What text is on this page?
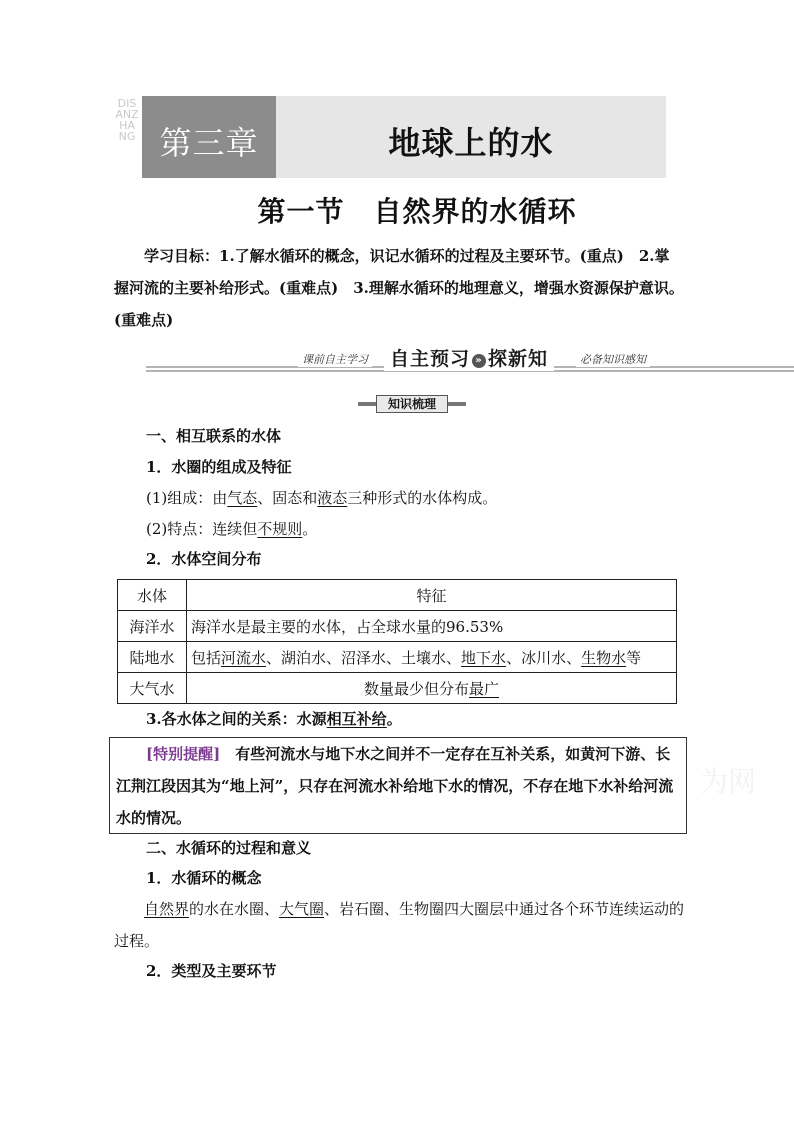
DISANZHANG 第三章	地球上的水
第一节　自然界的水循环
学习目标：1.了解水循环的概念，识记水循环的过程及主要环节。(重点)　2.掌握河流的主要补给形式。(重难点)　3.理解水循环的地理意义，增强水资源保护意识。(重难点)
课前自主学习	自主预习 » 探新知	必备知识感知
知识梳理
一、相互联系的水体
1．水圈的组成及特征
(1)组成：由气态、固态和液态三种形式的水体构成。
(2)特点：连续但不规则。
2．水体空间分布
水体	特征
海洋水	海洋水是最主要的水体，占全球水量的96.53%
陆地水	包括河流水、湖泊水、沼泽水、土壤水、地下水、冰川水、生物水等
大气水	数量最少但分布最广
3.各水体之间的关系：水源相互补给。
[特别提醒]　有些河流水与地下水之间并不一定存在互补关系，如黄河下游、长江荆江段因其为“地上河”，只存在河流水补给地下水的情况，不存在地下水补给河流水的情况。
为网
二、水循环的过程和意义
1．水循环的概念
自然界的水在水圈、大气圈、岩石圈、生物圈四大圈层中通过各个环节连续运动的过程。
2．类型及主要环节
